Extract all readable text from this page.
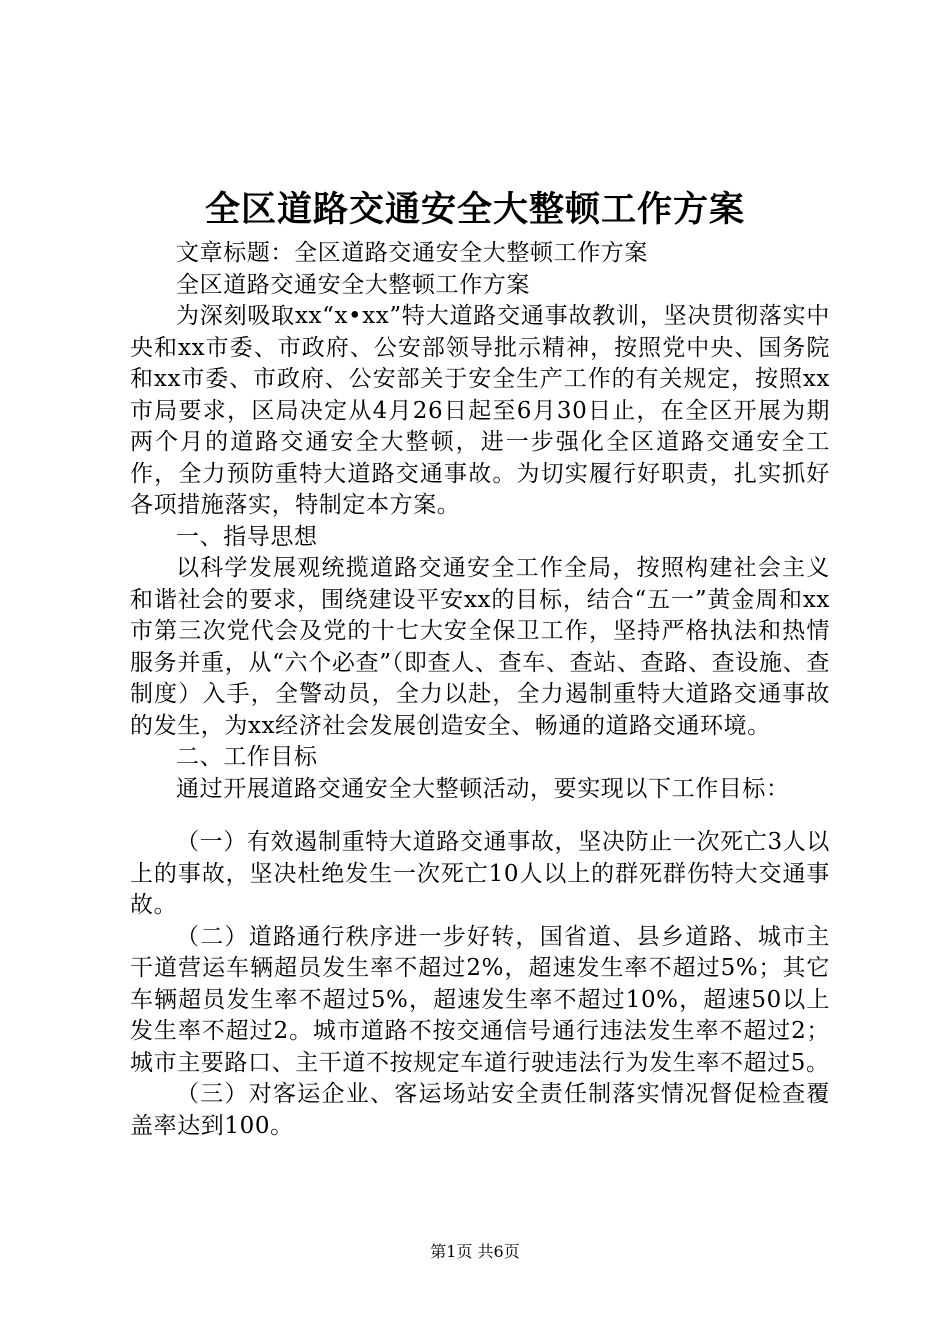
全区道路交通安全大整顿工作方案

文章标题：全区道路交通安全大整顿工作方案

全区道路交通安全大整顿工作方案

为深刻吸取xx“x•xx”特大道路交通事故教训，坚决贯彻落实中央和xx市委、市政府、公安部领导批示精神，按照党中央、国务院和xx市委、市政府、公安部关于安全生产工作的有关规定，按照xx市局要求，区局决定从4月26日起至6月30日止，在全区开展为期两个月的道路交通安全大整顿，进一步强化全区道路交通安全工作，全力预防重特大道路交通事故。为切实履行好职责，扎实抓好各项措施落实，特制定本方案。

一、指导思想

以科学发展观统揽道路交通安全工作全局，按照构建社会主义和谐社会的要求，围绕建设平安xx的目标，结合“五一”黄金周和xx市第三次党代会及党的十七大安全保卫工作，坚持严格执法和热情服务并重，从“六个必查”（即查人、查车、查站、查路、查设施、查制度）入手，全警动员，全力以赴，全力遏制重特大道路交通事故的发生，为xx经济社会发展创造安全、畅通的道路交通环境。

二、工作目标

通过开展道路交通安全大整顿活动，要实现以下工作目标：

（一）有效遏制重特大道路交通事故，坚决防止一次死亡3人以上的事故，坚决杜绝发生一次死亡10人以上的群死群伤特大交通事故。

（二）道路通行秩序进一步好转，国省道、县乡道路、城市主干道营运车辆超员发生率不超过2%，超速发生率不超过5%；其它车辆超员发生率不超过5%，超速发生率不超过10%，超速50以上发生率不超过2。城市道路不按交通信号通行违法发生率不超过2；城市主要路口、主干道不按规定车道行驶违法行为发生率不超过5。

（三）对客运企业、客运场站安全责任制落实情况督促检查覆盖率达到100。

第1页 共6页
